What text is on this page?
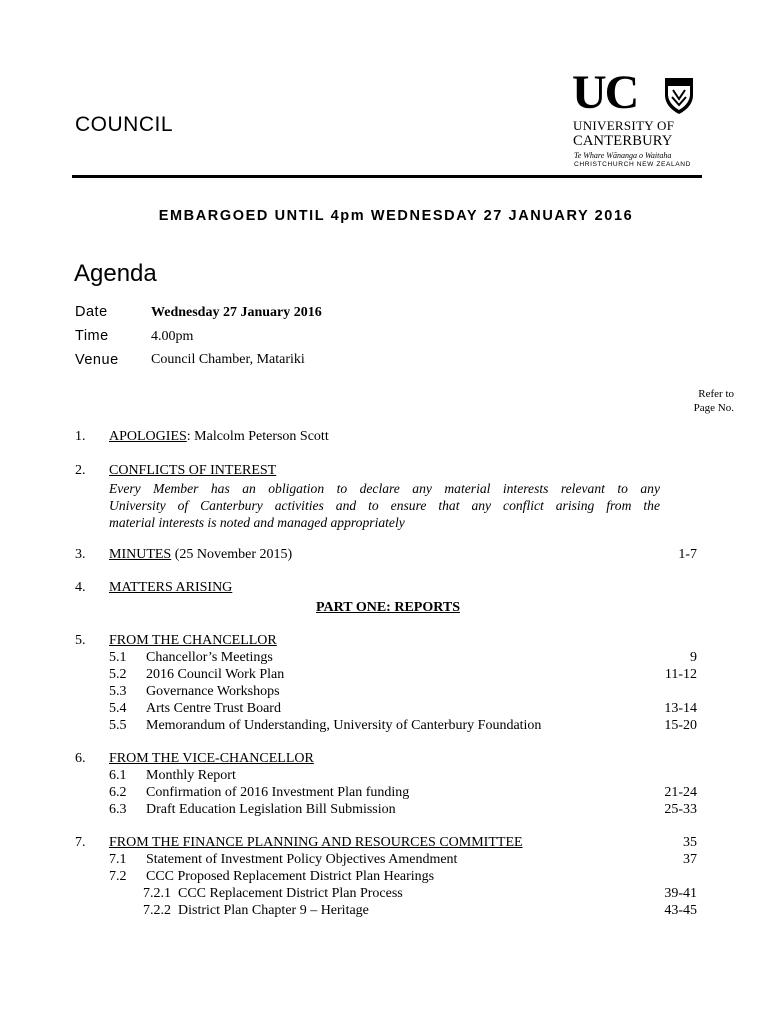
COUNCIL
UC
UNIVERSITY OF
CANTERBURY
Te Whare Wānanga o Waitaha
CHRISTCHURCH NEW ZEALAND
EMBARGOED UNTIL 4pm WEDNESDAY 27 JANUARY 2016
Agenda
Date	Wednesday 27 January 2016
Time	4.00pm
Venue Council Chamber, Matariki
Refer to
Page No.
1. APOLOGIES: Malcolm Peterson Scott
2. CONFLICTS OF INTEREST
Every Member has an obligation to declare any material interests relevant to any
University of Canterbury activities and to ensure that any conflict arising from the
material interests is noted and managed appropriately
3. MINUTES (25 November 2015)	1-7
4. MATTERS ARISING
PART ONE: REPORTS
5. FROM THE CHANCELLOR
5.1 Chancellor’s Meetings	9
5.2 2016 Council Work Plan	11-12
5.3 Governance Workshops
5.4 Arts Centre Trust Board	13-14
5.5 Memorandum of Understanding, University of Canterbury Foundation	15-20
6. FROM THE VICE-CHANCELLOR
6.1 Monthly Report
6.2 Confirmation of 2016 Investment Plan funding	21-24
6.3 Draft Education Legislation Bill Submission	25-33
7. FROM THE FINANCE PLANNING AND RESOURCES COMMITTEE	35
7.1 Statement of Investment Policy Objectives Amendment	37
7.2 CCC Proposed Replacement District Plan Hearings
7.2.1 CCC Replacement District Plan Process	39-41
7.2.2 District Plan Chapter 9 – Heritage	43-45
